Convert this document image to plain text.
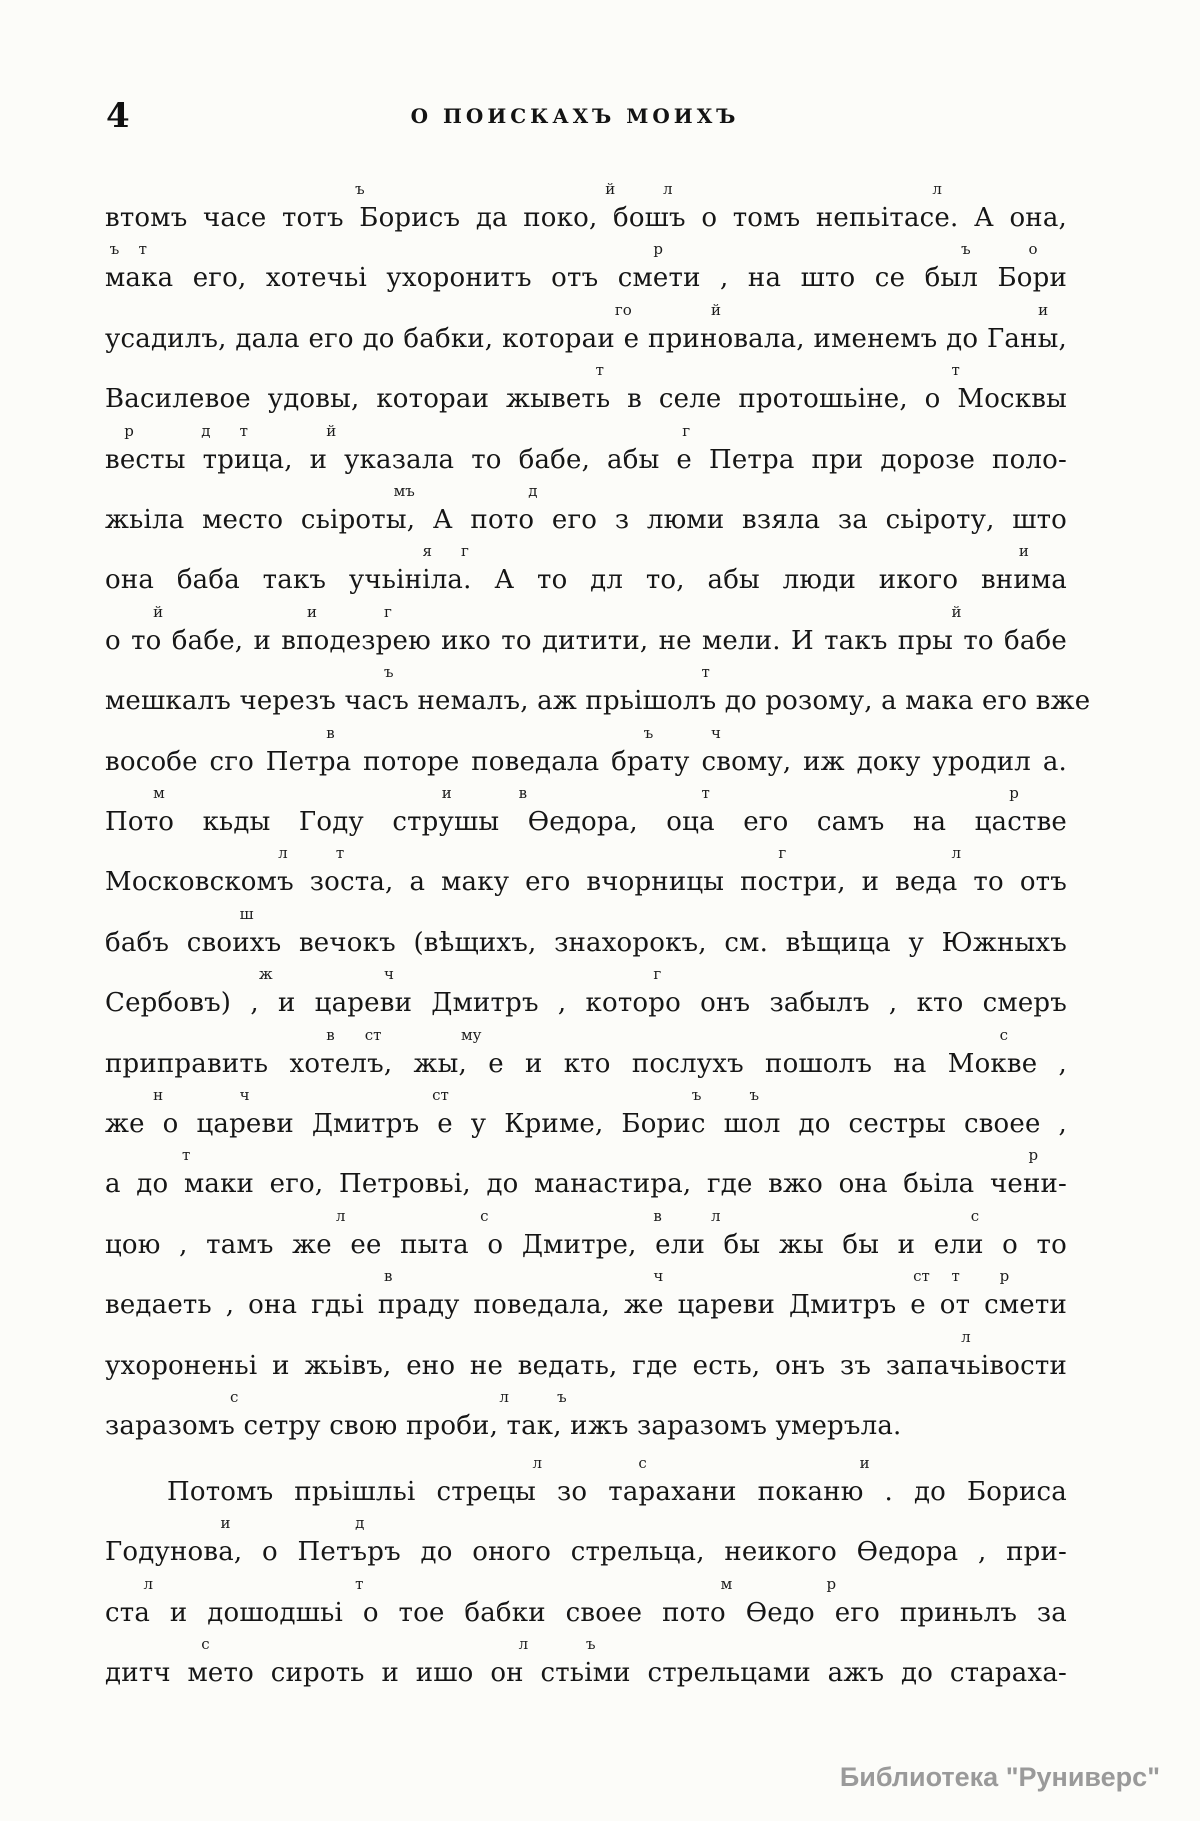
4	О ПОИСКАХЪ МОИХЪ
втомъ часе тотъ Борисъ да поко, бошъ о томъ непьітасе. А она,
ъ	й	л	л
мака его, хотечьі ухоронитъ отъ смети , на што се был Бори
ъ т	р	ъ	о
усадилъ, дала его до бабки, котораи е приновала, именемъ до Ганы,
го	й	и
Василевое удовы, котораи жыветь в селе протошьіне, о Москвы
т	т
весты трица, и указала то бабе, абы е Петра при дорозе поло-
р	д т	й	г
жьіла место сьіроты, А пото его з люми взяла за сьіроту, што
мъ	д
она баба такъ учьініла. А то дл то, абы люди икого внима
я г	и
о то бабе, и вподезрею ико то дитити, не мели. И такъ пры то бабе
й	и	г	й
мешкалъ черезъ часъ немалъ, аж прьішолъ до розому, а мака его вже
ъ	т
вособе сго Петра поторе поведала брату свому, иж доку уродил а.
в	ъ	ч
Пото кьды Году струшы Ѳедора, оца его самъ на цастве
м	и	в	т	р
Московскомъ зоста, а маку его вчорницы постри, и веда то отъ
л	т	г	л
бабъ своихъ вечокъ (вѣщихъ, знахорокъ, см. вѣщица у Южныхъ
ш
Сербовъ) , и цареви Дмитръ , которо онъ забылъ , кто смеръ
ж	ч	г
приправить хотелъ, жы, е и кто послухъ пошолъ на Мокве ,
в ст	му	с
же о цареви Дмитръ е у Криме, Борис шол до сестры своее ,
н	ч	ст	ъ	ъ
а до маки его, Петровьі, до манастира, где вжо она бьіла чени-
т	р
цою , тамъ же ее пыта о Дмитре, ели бы жы бы и ели о то
л	с	в	л	с
ведаеть , она гдьі праду поведала, же цареви Дмитръ е от смети
в	ч	ст т	р
ухороненьі и жьівъ, ено не ведать, где есть, онъ зъ запачьівости
л
заразомъ сетру свою проби, так, ижъ заразомъ умеръла.
с	л	ъ
Потомъ прьішльі стрецы зо тарахани поканю . до Бориса
л	с	и
Годунова, о Петъръ до оного стрельца, неикого Ѳедора , при-
и	д
ста и дошодшьі о тое бабки своее пото Ѳедо его приньлъ за
л	т	м	р
дитч мето сироть и ишо он стьіми стрельцами ажъ до стараха-
с	л	ъ
Библиотека "Руниверс"
